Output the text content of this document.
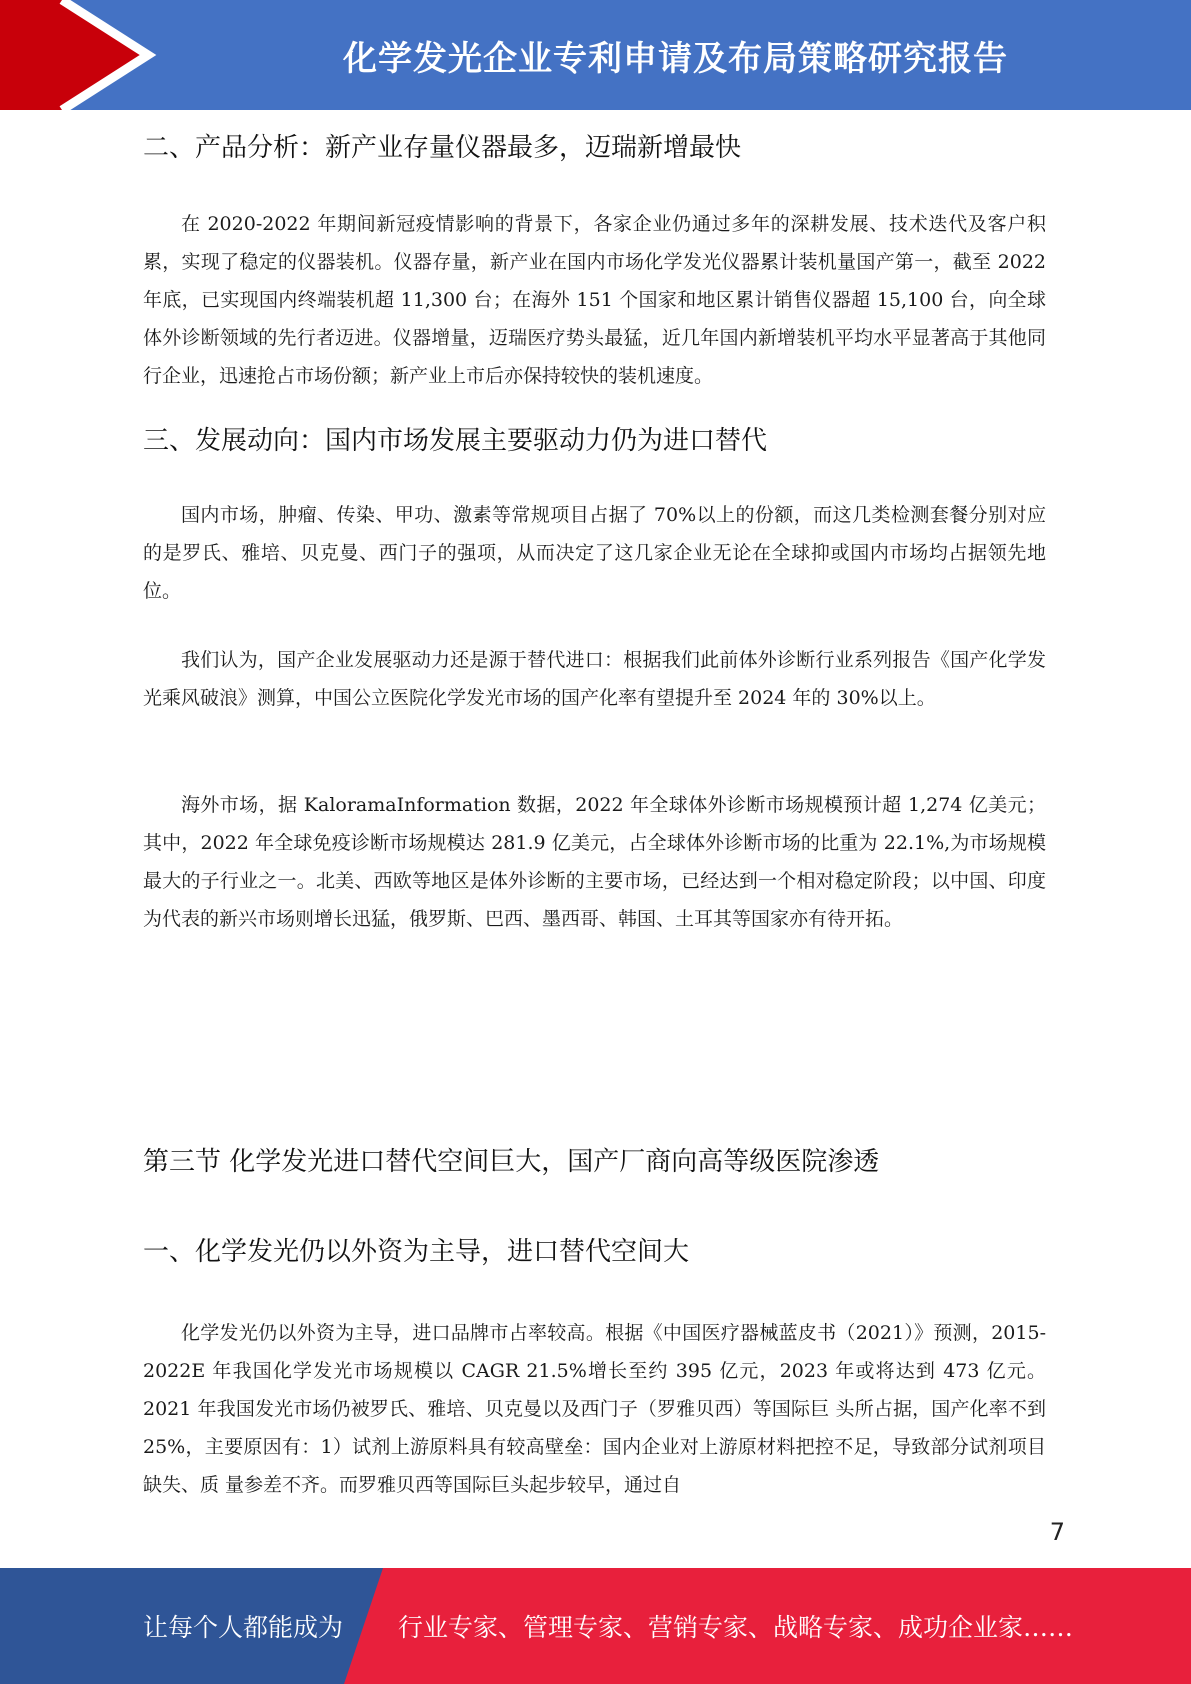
化学发光企业专利申请及布局策略研究报告
二、产品分析：新产业存量仪器最多，迈瑞新增最快

在 2020-2022 年期间新冠疫情影响的背景下，各家企业仍通过多年的深耕发展、技术迭代及客户积累，实现了稳定的仪器装机。仪器存量，新产业在国内市场化学发光仪器累计装机量国产第一，截至 2022 年底，已实现国内终端装机超 11,300 台；在海外 151 个国家和地区累计销售仪器超 15,100 台，向全球体外诊断领域的先行者迈进。仪器增量，迈瑞医疗势头最猛，近几年国内新增装机平均水平显著高于其他同行企业，迅速抢占市场份额；新产业上市后亦保持较快的装机速度。

三、发展动向：国内市场发展主要驱动力仍为进口替代

国内市场，肿瘤、传染、甲功、激素等常规项目占据了 70%以上的份额，而这几类检测套餐分别对应的是罗氏、雅培、贝克曼、西门子的强项，从而决定了这几家企业无论在全球抑或国内市场均占据领先地位。

我们认为，国产企业发展驱动力还是源于替代进口：根据我们此前体外诊断行业系列报告《国产化学发光乘风破浪》测算，中国公立医院化学发光市场的国产化率有望提升至 2024 年的 30%以上。

海外市场，据 KaloramaInformation 数据，2022 年全球体外诊断市场规模预计超 1,274 亿美元；其中，2022 年全球免疫诊断市场规模达 281.9 亿美元，占全球体外诊断市场的比重为 22.1%,为市场规模最大的子行业之一。北美、西欧等地区是体外诊断的主要市场，已经达到一个相对稳定阶段；以中国、印度为代表的新兴市场则增长迅猛，俄罗斯、巴西、墨西哥、韩国、土耳其等国家亦有待开拓。

第三节 化学发光进口替代空间巨大，国产厂商向高等级医院渗透
一、化学发光仍以外资为主导，进口替代空间大

化学发光仍以外资为主导，进口品牌市占率较高。根据《中国医疗器械蓝皮书（2021）》预测，2015-2022E 年我国化学发光市场规模以 CAGR 21.5%增长至约 395 亿元，2023 年或将达到 473 亿元。2021 年我国发光市场仍被罗氏、雅培、贝克曼以及西门子（罗雅贝西）等国际巨 头所占据，国产化率不到 25%，主要原因有：1）试剂上游原料具有较高壁垒：国内企业对上游原材料把控不足，导致部分试剂项目缺失、质 量参差不齐。而罗雅贝西等国际巨头起步较早，通过自

7
让每个人都能成为 行业专家、管理专家、营销专家、战略专家、成功企业家……
